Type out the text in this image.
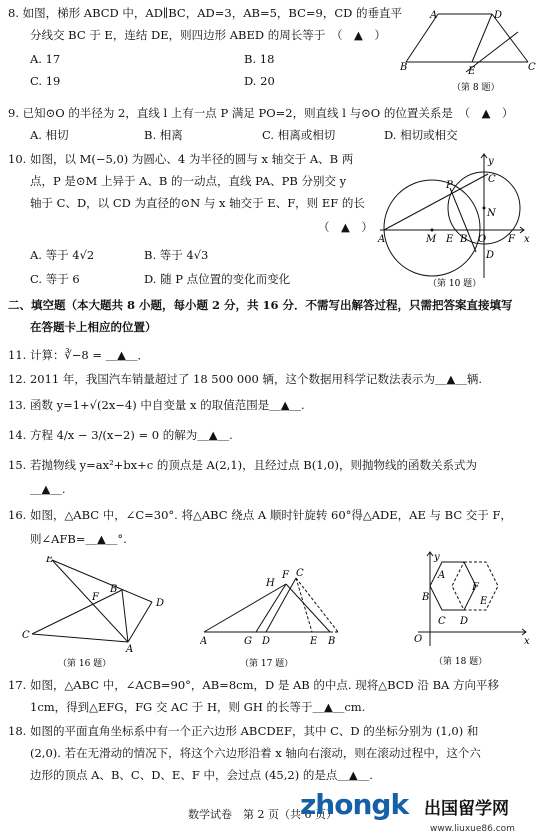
8. 如图，梯形 ABCD 中，AD∥BC，AD=3，AB=5，BC=9，CD 的垂直平
分线交 BC 于 E，连结 DE，则四边形 ABED 的周长等于　（　▲　）
A. 17	B. 18
C. 19	D. 20
A	D
B	C
E
（第 8 题）
9. 已知⊙O 的半径为 2，直线 l 上有一点 P 满足 PO=2，则直线 l 与⊙O 的位置关系是　（　▲　）
A. 相切	B. 相离	C. 相离或相切	D. 相切或相交
10. 如图，以 M(−5,0) 为圆心、4 为半径的圆与 x 轴交于 A、B 两
点，P 是⊙M 上异于 A、B 的一动点，直线 PA、PB 分别交 y
轴于 C、D，以 CD 为直径的⊙N 与 x 轴交于 E、F，则 EF 的长
（　▲　）
A. 等于 4√2	B. 等于 4√3
C. 等于 6	D. 随 P 点位置的变化而变化
y
C
P
N
A	M E B O F x
D
（第 10 题）
二、填空题（本大题共 8 小题，每小题 2 分，共 16 分．不需写出解答过程，只需把答案直接填写
在答题卡上相应的位置）
11. 计算：∛−8 = ＿▲＿．
12. 2011 年，我国汽车销量超过了 18 500 000 辆，这个数据用科学记数法表示为＿▲＿辆.
13. 函数 y=1+√(2x−4) 中自变量 x 的取值范围是＿▲＿.
14. 方程 4/x − 3/(x−2) = 0 的解为＿▲＿.
15. 若抛物线 y=ax²+bx+c 的顶点是 A(2,1)，且经过点 B(1,0)，则抛物线的函数关系式为
＿▲＿.
16. 如图，△ABC 中，∠C=30°. 将△ABC 绕点 A 顺时针旋转 60°得△ADE，AE 与 BC 交于 F，
则∠AFB=＿▲＿°.
E
F
B
D
C
A
（第 16 题）
H
F C
A	G D	E B
（第 17 题）
y
A
B
F
E
C D
O	x
（第 18 题）
17. 如图，△ABC 中，∠ACB=90°，AB=8cm，D 是 AB 的中点. 现将△BCD 沿 BA 方向平移
1cm，得到△EFG，FG 交 AC 于 H，则 GH 的长等于＿▲＿cm.
18. 如图的平面直角坐标系中有一个正六边形 ABCDEF，其中 C、D 的坐标分别为 (1,0) 和
(2,0). 若在无滑动的情况下，将这个六边形沿着 x 轴向右滚动，则在滚动过程中，这个六
边形的顶点 A、B、C、D、E、F 中，会过点 (45,2) 的是点＿▲＿.
数学试卷　第 2 页（共 6 页）
zhongk 出国留学网
www.liuxue86.com
